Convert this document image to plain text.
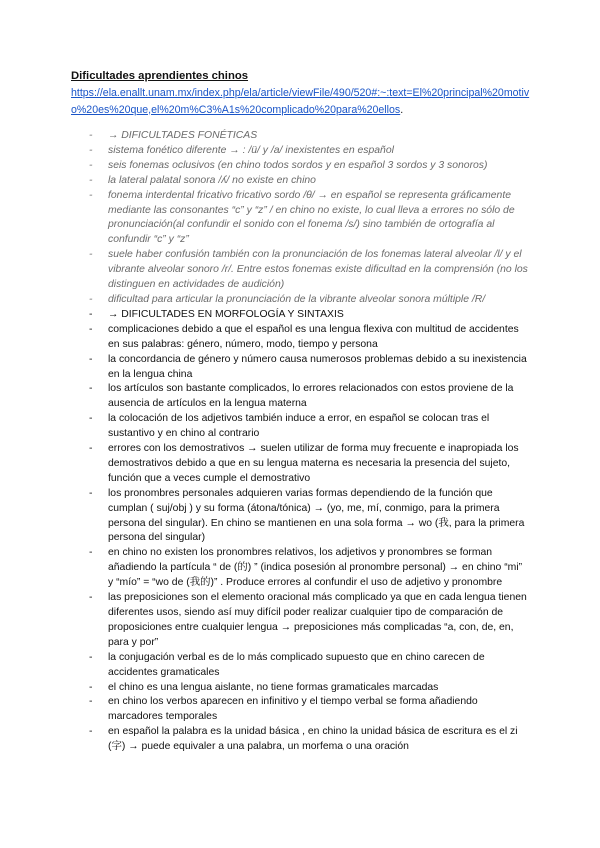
Dificultades aprendientes chinos
https://ela.enallt.unam.mx/index.php/ela/article/viewFile/490/520#:~:text=El%20principal%20motivo%20es%20que,el%20m%C3%A1s%20complicado%20para%20ellos.
- → DIFICULTADES FONÉTICAS
- sistema fonético diferente → : /ü/ y /a/ inexistentes en español
- seis fonemas oclusivos (en chino todos sordos y en español 3 sordos y 3 sonoros)
- la lateral palatal sonora /ʎ/ no existe en chino
- fonema interdental fricativo fricativo sordo /θ/ → en español se representa gráficamente mediante las consonantes “c” y “z” / en chino no existe, lo cual lleva a errores no sólo de pronunciación(al confundir el sonido con el fonema /s/) sino también de ortografía al confundir “c” y “z”
- suele haber confusión también con la pronunciación de los fonemas lateral alveolar /l/ y el vibrante alveolar sonoro /r/. Entre estos fonemas existe dificultad en la comprensión (no los distinguen en actividades de audición)
- dificultad para articular la pronunciación de la vibrante alveolar sonora múltiple /R/
- → DIFICULTADES EN MORFOLOGÍA Y SINTAXIS
- complicaciones debido a que el español es una lengua flexiva con multitud de accidentes en sus palabras: género, número, modo, tiempo y persona
- la concordancia de género y número causa numerosos problemas debido a su inexistencia en la lengua china
- los artículos son bastante complicados, lo errores relacionados con estos proviene de la ausencia de artículos en la lengua materna
- la colocación de los adjetivos también induce a error, en español se colocan tras el sustantivo y en chino al contrario
- errores con los demostrativos → suelen utilizar de forma muy frecuente e inapropiada los demostrativos debido a que en su lengua materna es necesaria la presencia del sujeto, función que a veces cumple el demostrativo
- los pronombres personales adquieren varias formas dependiendo de la función que cumplan ( suj/obj ) y su forma (átona/tónica) → (yo, me, mí, conmigo, para la primera persona del singular). En chino se mantienen en una sola forma → wo (我, para la primera persona del singular)
- en chino no existen los pronombres relativos, los adjetivos y pronombres se forman añadiendo la partícula “ de (的) ” (indica posesión al pronombre personal) → en chino “mi” y “mío” = “wo de (我的)” . Produce errores al confundir el uso de adjetivo y pronombre
- las preposiciones son el elemento oracional más complicado ya que en cada lengua tienen diferentes usos, siendo así muy difícil poder realizar cualquier tipo de comparación de proposiciones entre cualquier lengua → preposiciones más complicadas “a, con, de, en, para y por”
- la conjugación verbal es de lo más complicado supuesto que en chino carecen de accidentes gramaticales
- el chino es una lengua aislante, no tiene formas gramaticales marcadas
- en chino los verbos aparecen en infinitivo y el tiempo verbal se forma añadiendo marcadores temporales
- en español la palabra es la unidad básica , en chino la unidad básica de escritura es el zi (字) → puede equivaler a una palabra, un morfema o una oración
